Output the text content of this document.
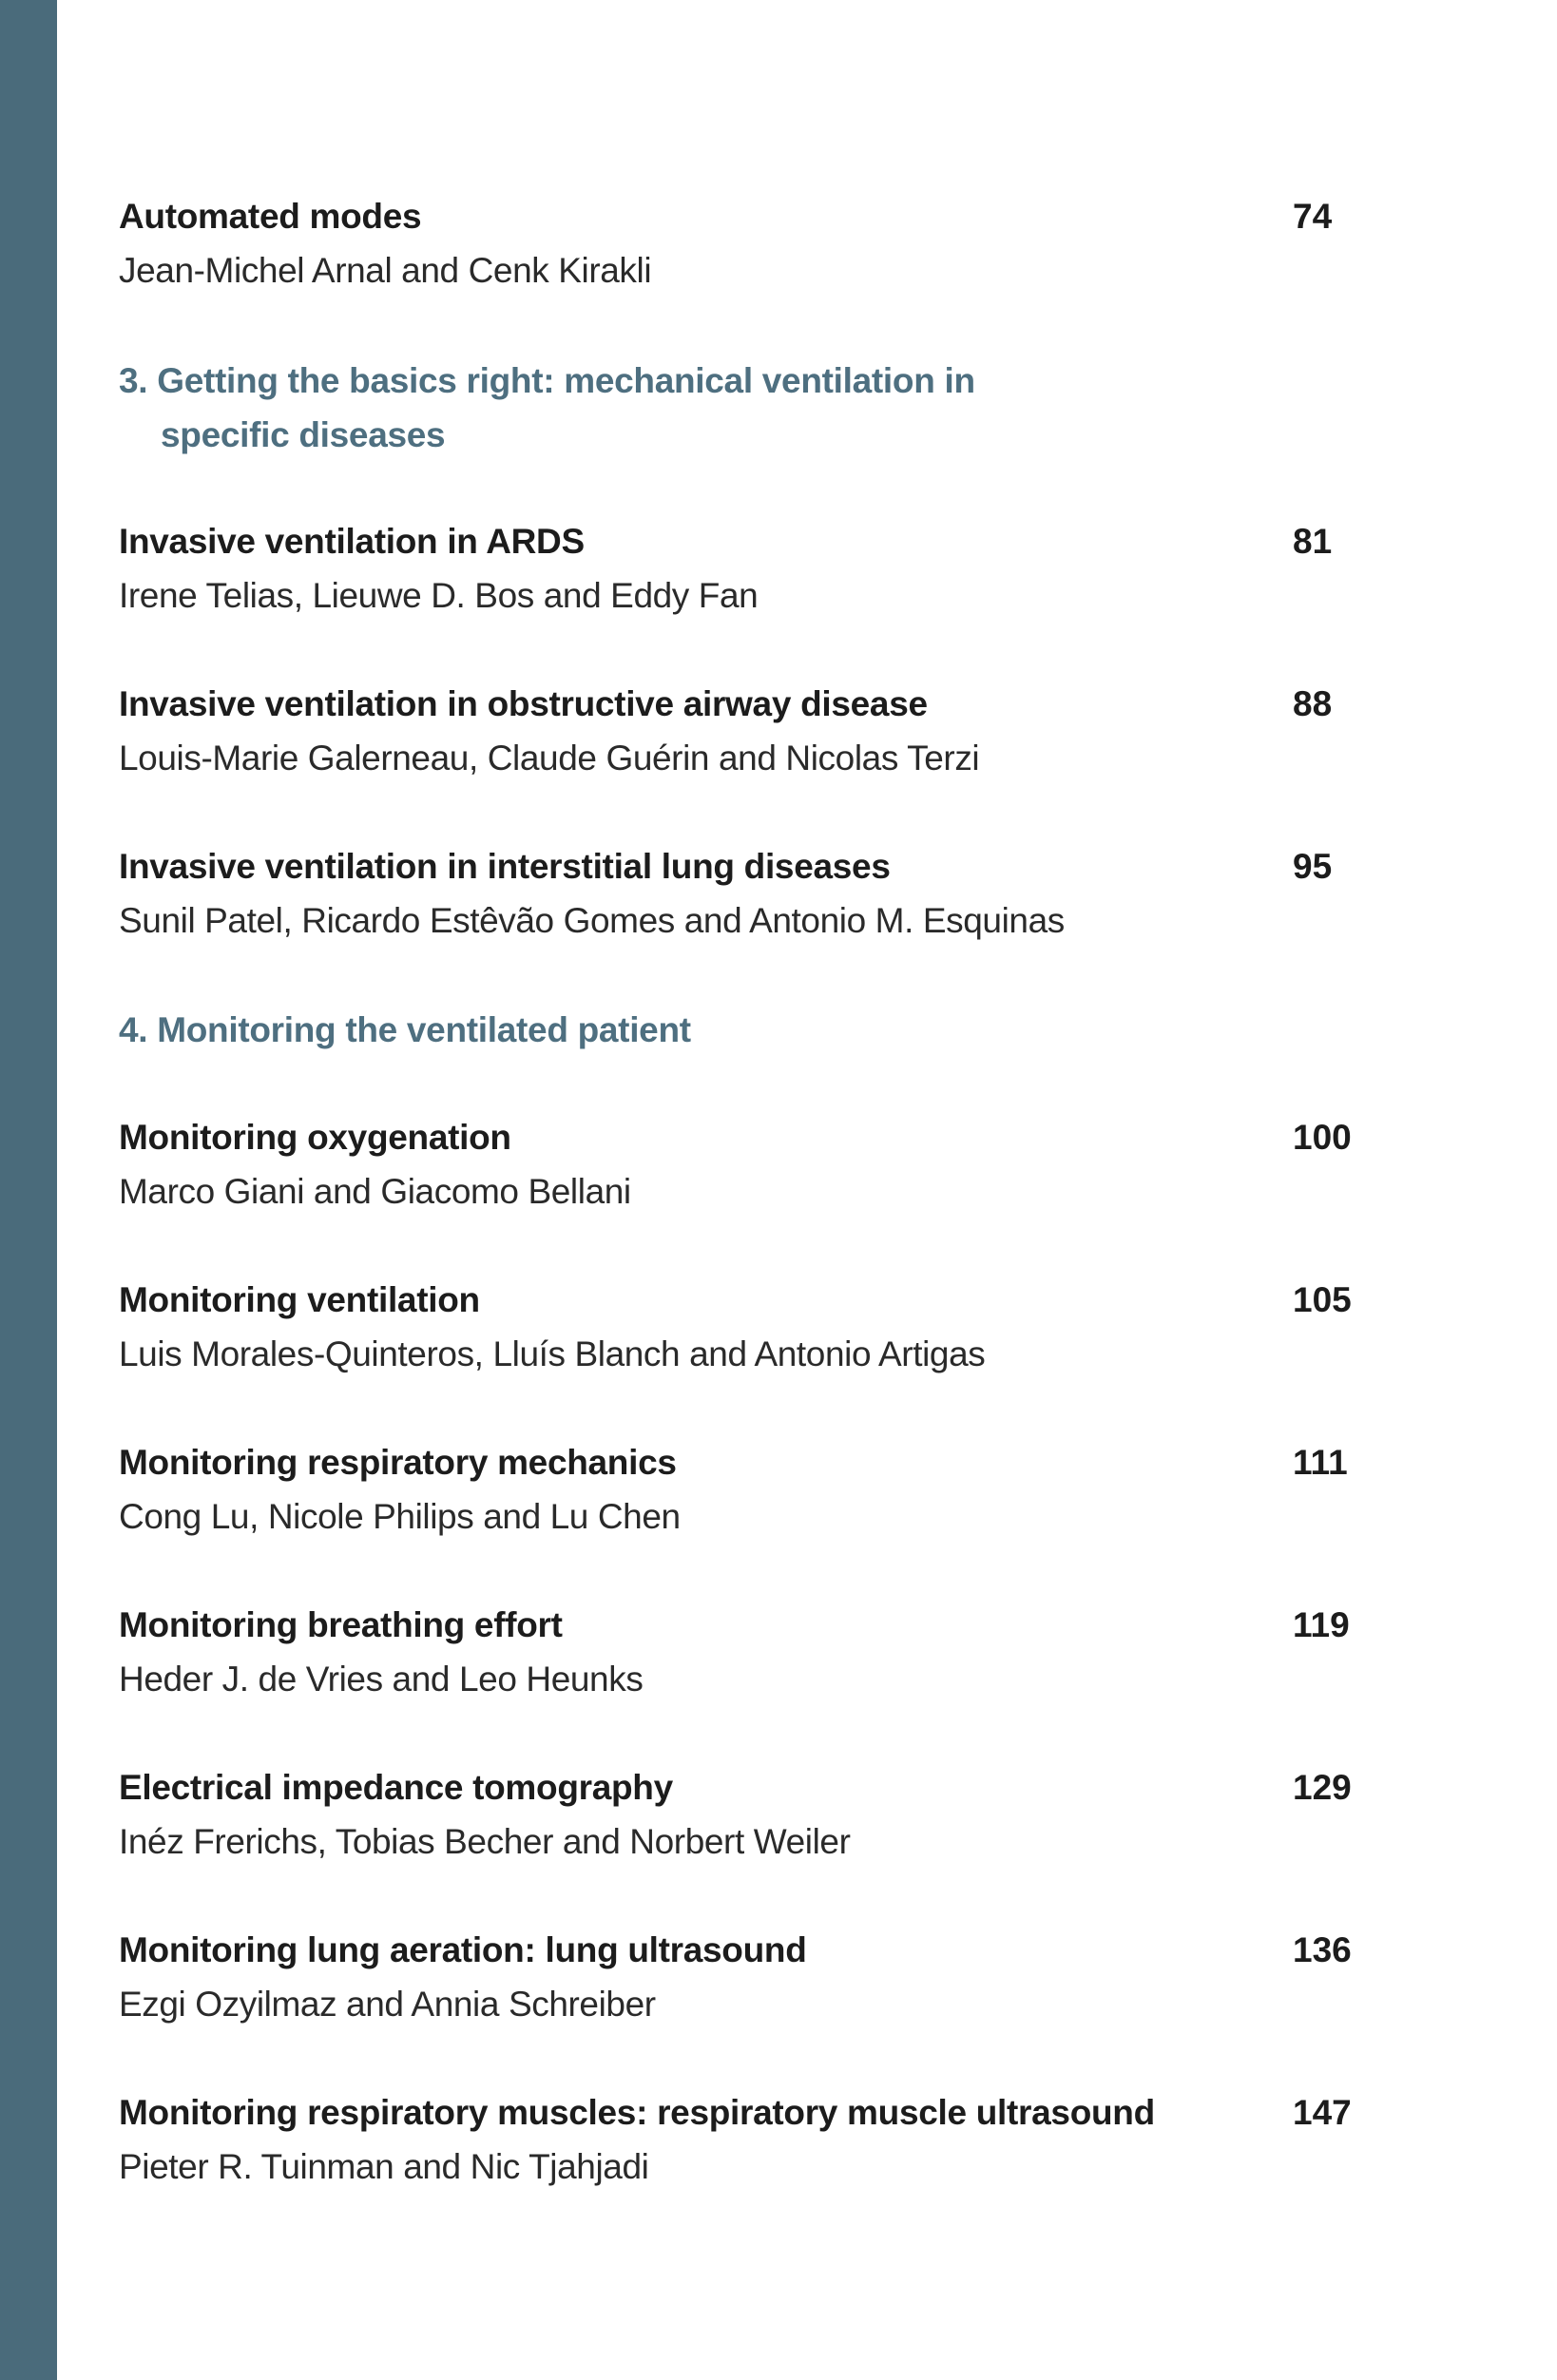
Automated modes	74
Jean-Michel Arnal and Cenk Kirakli
3. Getting the basics right: mechanical ventilation in
specific diseases
Invasive ventilation in ARDS	81
Irene Telias, Lieuwe D. Bos and Eddy Fan
Invasive ventilation in obstructive airway disease	88
Louis-Marie Galerneau, Claude Guérin and Nicolas Terzi
Invasive ventilation in interstitial lung diseases	95
Sunil Patel, Ricardo Estêvão Gomes and Antonio M. Esquinas
4. Monitoring the ventilated patient
Monitoring oxygenation	100
Marco Giani and Giacomo Bellani
Monitoring ventilation	105
Luis Morales-Quinteros, Lluís Blanch and Antonio Artigas
Monitoring respiratory mechanics	111
Cong Lu, Nicole Philips and Lu Chen
Monitoring breathing effort	119
Heder J. de Vries and Leo Heunks
Electrical impedance tomography	129
Inéz Frerichs, Tobias Becher and Norbert Weiler
Monitoring lung aeration: lung ultrasound	136
Ezgi Ozyilmaz and Annia Schreiber
Monitoring respiratory muscles: respiratory muscle ultrasound	147
Pieter R. Tuinman and Nic Tjahjadi
